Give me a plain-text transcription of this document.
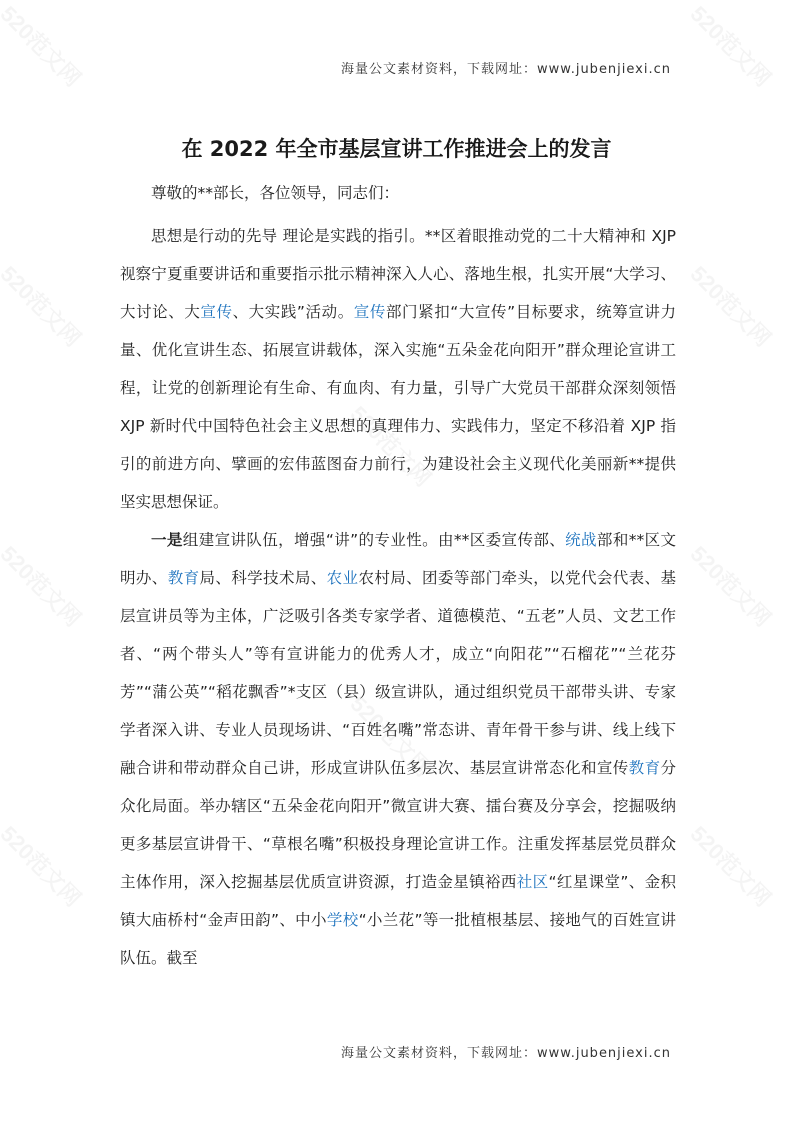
海量公文素材资料，下载网址：www.jubenjiexi.cn
在 2022 年全市基层宣讲工作推进会上的发言

尊敬的**部长，各位领导，同志们：

思想是行动的先导 理论是实践的指引。**区着眼推动党的二十大精神和 XJP 视察宁夏重要讲话和重要指示批示精神深入人心、落地生根，扎实开展“大学习、大讨论、大宣传、大实践”活动。宣传部门紧扣“大宣传”目标要求，统筹宣讲力量、优化宣讲生态、拓展宣讲载体，深入实施“五朵金花向阳开”群众理论宣讲工程，让党的创新理论有生命、有血肉、有力量，引导广大党员干部群众深刻领悟 XJP 新时代中国特色社会主义思想的真理伟力、实践伟力，坚定不移沿着 XJP 指引的前进方向、擘画的宏伟蓝图奋力前行，为建设社会主义现代化美丽新**提供坚实思想保证。

一是组建宣讲队伍，增强“讲”的专业性。由**区委宣传部、统战部和**区文明办、教育局、科学技术局、农业农村局、团委等部门牵头，以党代会代表、基层宣讲员等为主体，广泛吸引各类专家学者、道德模范、“五老”人员、文艺工作者、“两个带头人”等有宣讲能力的优秀人才，成立“向阳花”“石榴花”“兰花芬芳”“蒲公英”“稻花飘香”*支区（县）级宣讲队，通过组织党员干部带头讲、专家学者深入讲、专业人员现场讲、“百姓名嘴”常态讲、青年骨干参与讲、线上线下融合讲和带动群众自己讲，形成宣讲队伍多层次、基层宣讲常态化和宣传教育分众化局面。举办辖区“五朵金花向阳开”微宣讲大赛、擂台赛及分享会，挖掘吸纳更多基层宣讲骨干、“草根名嘴”积极投身理论宣讲工作。注重发挥基层党员群众主体作用，深入挖掘基层优质宣讲资源，打造金星镇裕西社区“红星课堂”、金积镇大庙桥村“金声田韵”、中小学校“小兰花”等一批植根基层、接地气的百姓宣讲队伍。截至

海量公文素材资料，下载网址：www.jubenjiexi.cn
